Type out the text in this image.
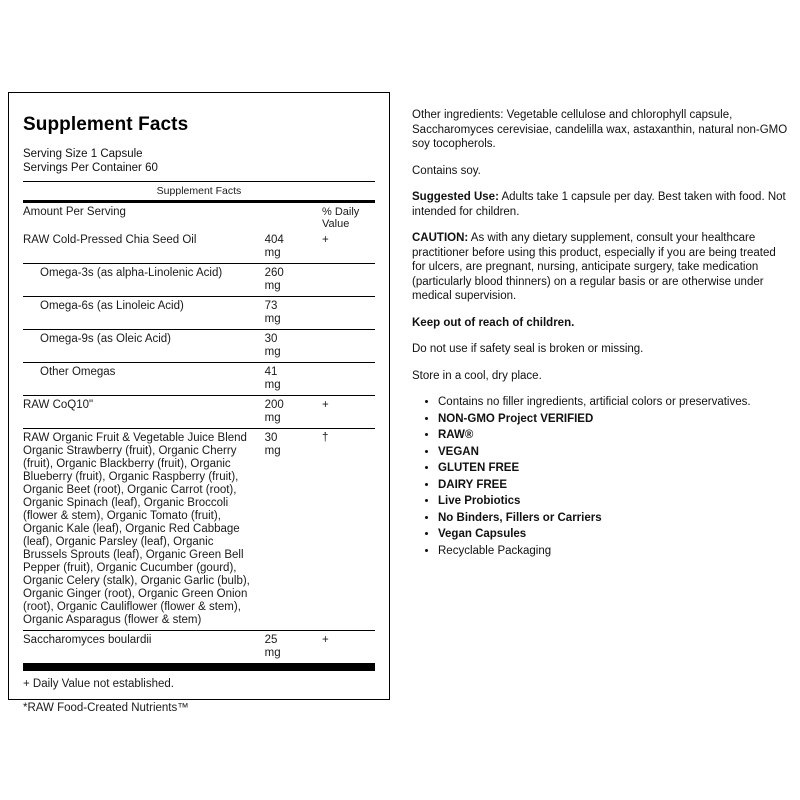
Supplement Facts
Serving Size 1 Capsule
Servings Per Container 60
Supplement Facts
Amount Per Serving		% Daily Value

RAW Cold-Pressed Chia Seed Oil	404
mg	+

Omega-3s (as alpha-Linolenic Acid)	260
mg	

Omega-6s (as Linoleic Acid)	73
mg	

Omega-9s (as Oleic Acid)	30
mg	

Other Omegas	41
mg	

RAW CoQ10"	200
mg	+

RAW Organic Fruit & Vegetable Juice Blend
Organic Strawberry (fruit), Organic Cherry (fruit), Organic Blackberry (fruit), Organic Blueberry (fruit), Organic Raspberry (fruit), Organic Beet (root), Organic Carrot (root), Organic Spinach (leaf), Organic Broccoli (flower & stem), Organic Tomato (fruit), Organic Kale (leaf), Organic Red Cabbage (leaf), Organic Parsley (leaf), Organic Brussels Sprouts (leaf), Organic Green Bell Pepper (fruit), Organic Cucumber (gourd), Organic Celery (stalk), Organic Garlic (bulb), Organic Ginger (root), Organic Green Onion (root), Organic Cauliflower (flower & stem), Organic Asparagus (flower & stem)	30
mg	†

Saccharomyces boulardii	25
mg	+
+ Daily Value not established.
*RAW Food-Created Nutrients™

Other ingredients: Vegetable cellulose and chlorophyll capsule, Saccharomyces cerevisiae, candelilla wax, astaxanthin, natural non-GMO soy tocopherols.

Contains soy.

Suggested Use: Adults take 1 capsule per day. Best taken with food. Not intended for children.

CAUTION: As with any dietary supplement, consult your healthcare practitioner before using this product, especially if you are being treated for ulcers, are pregnant, nursing, anticipate surgery, take medication (particularly blood thinners) on a regular basis or are otherwise under medical supervision.

Keep out of reach of children.

Do not use if safety seal is broken or missing.

Store in a cool, dry place.

• Contains no filler ingredients, artificial colors or preservatives.
• NON-GMO Project VERIFIED
• RAW®
• VEGAN
• GLUTEN FREE
• DAIRY FREE
• Live Probiotics
• No Binders, Fillers or Carriers
• Vegan Capsules
• Recyclable Packaging
